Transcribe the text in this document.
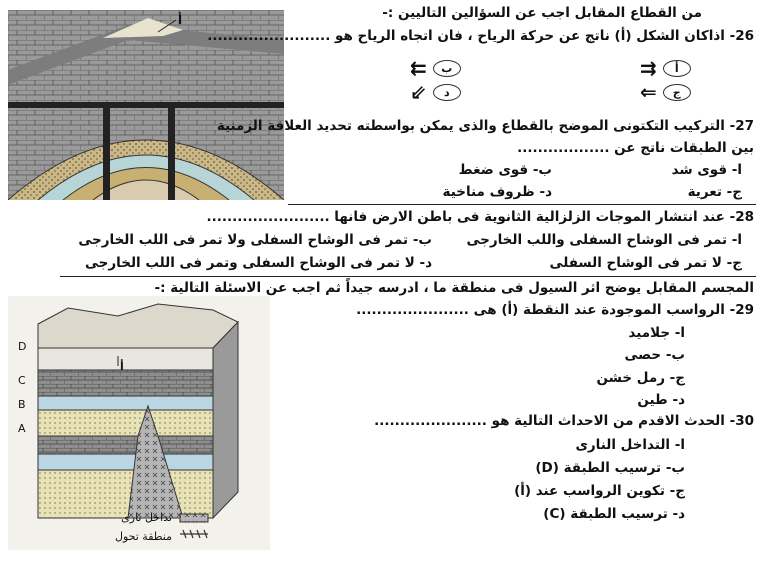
أ	من القطاع المقابل اجب عن السؤالين التاليين :-
26- اذاكان الشكل (أ) ناتج عن حركة الرياح ، فان اتجاه الرياح هو ........................
⇉	أ
⇇	ب
⇐	ج
⇙	د
27- التركيب التكتونى الموضح بالقطاع والذى يمكن بواسطته تحديد العلاقة الزمنية
بين الطبقات ناتج عن ..................
ا- قوى شد
ب- قوى ضغط
ج- تعرية
د- ظروف مناخية
28- عند انتشار الموجات الزلزالية الثانوية فى باطن الارض فانها ........................
ا- تمر فى الوشاح السفلى واللب الخارجى
ب- تمر فى الوشاح السفلى ولا تمر فى اللب الخارجى
ج- لا تمر فى الوشاح السفلى
د- لا تمر فى الوشاح السفلى وتمر فى اللب الخارجى
المجسم المقابل يوضح اثر السيول فى منطقة ما ، ادرسه جيداً ثم اجب عن الاسئلة التالية :-
D
C
B
A
أ
تداخل نارى
منطقة تحول
29- الرواسب الموجودة عند النقطة (أ) هى ......................
ا- جلاميد
ب- حصى
ج- رمل خشن
د- طين
30- الحدث الاقدم من الاحداث التالية هو ......................
ا- التداخل النارى
ب- ترسيب الطبقة (D)
ج- تكوين الرواسب عند (أ)
د- ترسيب الطبقة (C)
